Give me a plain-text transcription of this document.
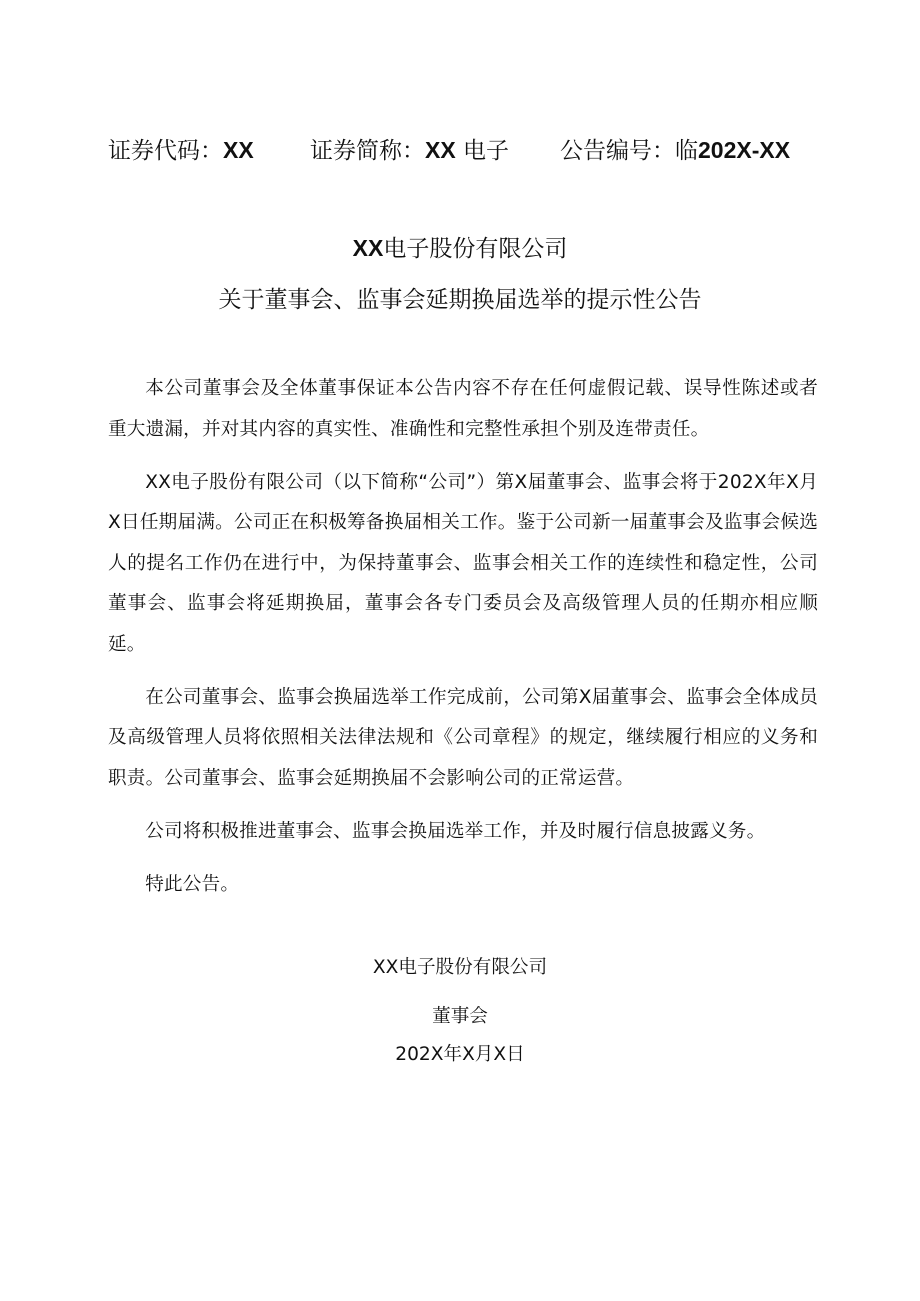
证券代码：XX 证券简称：XX 电子 公告编号：临202X-XX
XX电子股份有限公司
关于董事会、监事会延期换届选举的提示性公告

本公司董事会及全体董事保证本公告内容不存在任何虚假记载、误导性陈述或者重大遗漏，并对其内容的真实性、准确性和完整性承担个别及连带责任。

XX电子股份有限公司（以下简称“公司”）第X届董事会、监事会将于202X年X月X日任期届满。公司正在积极筹备换届相关工作。鉴于公司新一届董事会及监事会候选人的提名工作仍在进行中，为保持董事会、监事会相关工作的连续性和稳定性，公司董事会、监事会将延期换届，董事会各专门委员会及高级管理人员的任期亦相应顺延。

在公司董事会、监事会换届选举工作完成前，公司第X届董事会、监事会全体成员及高级管理人员将依照相关法律法规和《公司章程》的规定，继续履行相应的义务和职责。公司董事会、监事会延期换届不会影响公司的正常运营。

公司将积极推进董事会、监事会换届选举工作，并及时履行信息披露义务。

特此公告。

XX电子股份有限公司
董事会
202X年X月X日
